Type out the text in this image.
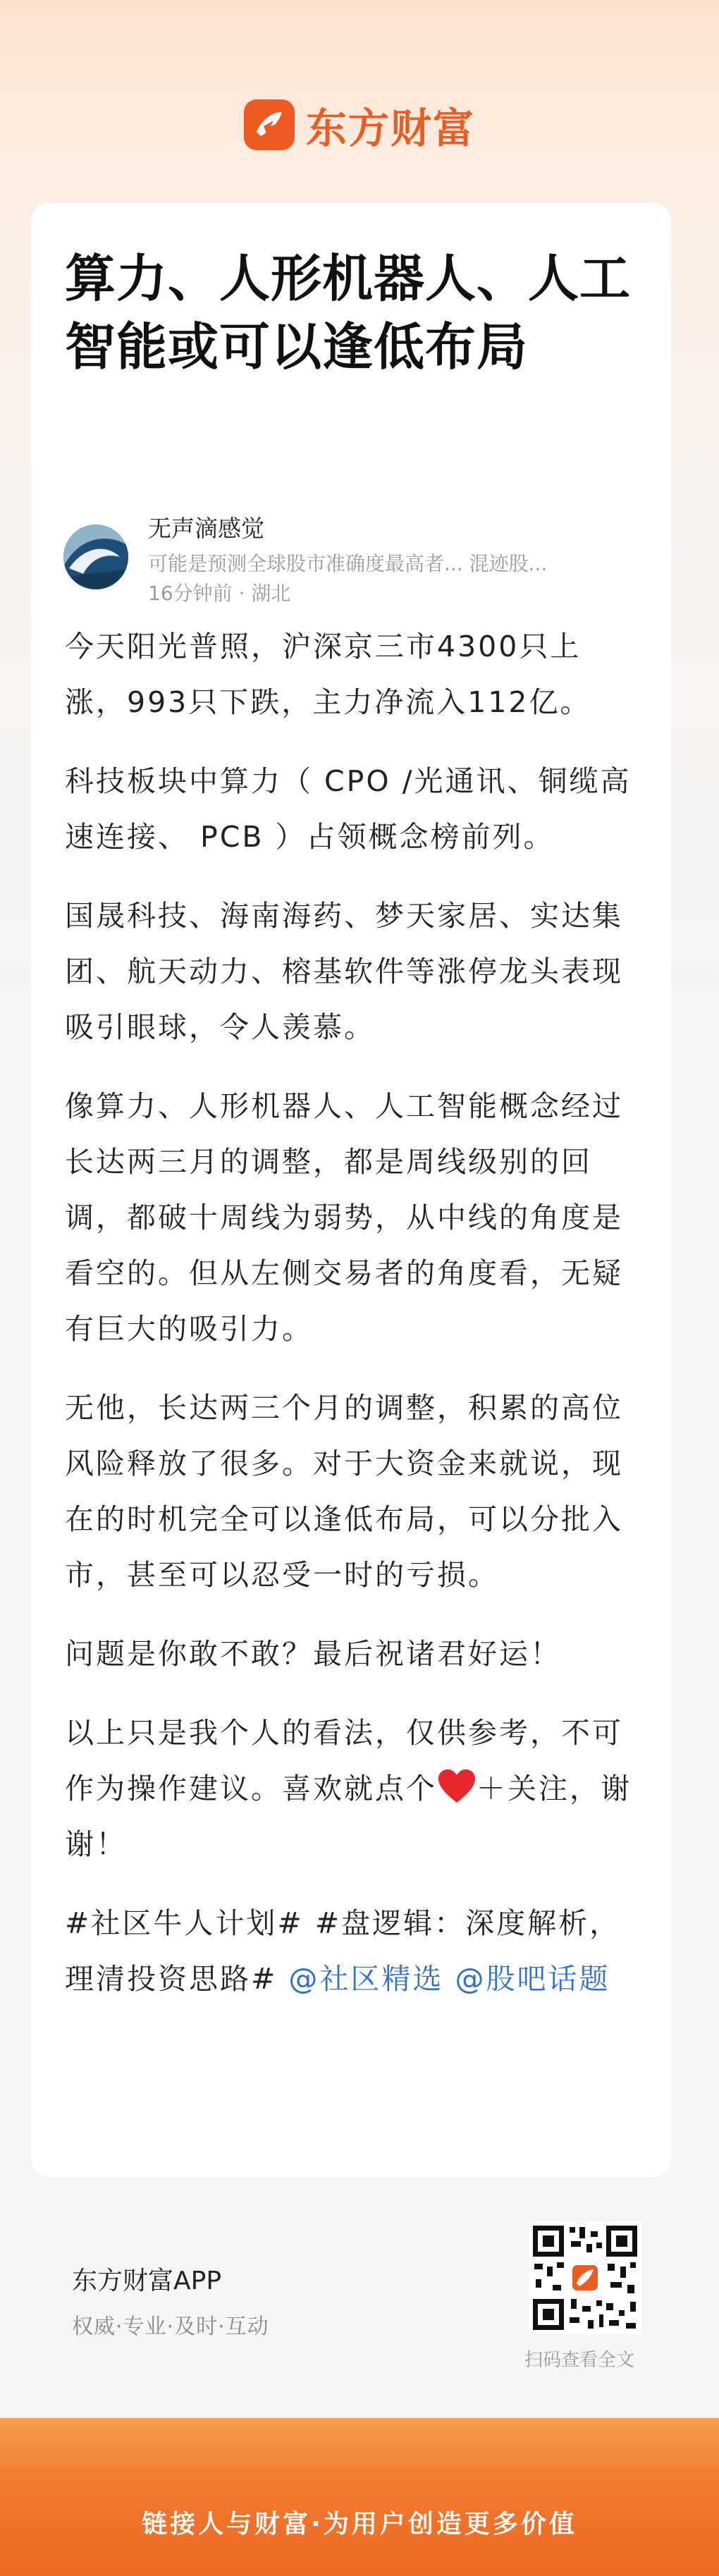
东方财富
算力、人形机器人、人工智能或可以逢低布局
无声滴感觉
可能是预测全球股市准确度最高者... 混迹股...
16分钟前 · 湖北

今天阳光普照，沪深京三市4300只上涨，993只下跌，主力净流入112亿。

科技板块中算力（ CPO /光通讯、铜缆高速连接、 PCB ）占领概念榜前列。

国晟科技、海南海药、梦天家居、实达集团、航天动力、榕基软件等涨停龙头表现吸引眼球，令人羡慕。

像算力、人形机器人、人工智能概念经过长达两三月的调整，都是周线级别的回调，都破十周线为弱势，从中线的角度是看空的。但从左侧交易者的角度看，无疑有巨大的吸引力。

无他，长达两三个月的调整，积累的高位风险释放了很多。对于大资金来就说，现在的时机完全可以逢低布局，可以分批入市，甚至可以忍受一时的亏损。

问题是你敢不敢？最后祝诸君好运！

以上只是我个人的看法，仅供参考，不可作为操作建议。喜欢就点个 ＋关注，谢谢！

#社区牛人计划# #盘逻辑：深度解析，理清投资思路# @社区精选 @股吧话题

东方财富APP
权威·专业·及时·互动
扫码查看全文
链接人与财富·为用户创造更多价值
